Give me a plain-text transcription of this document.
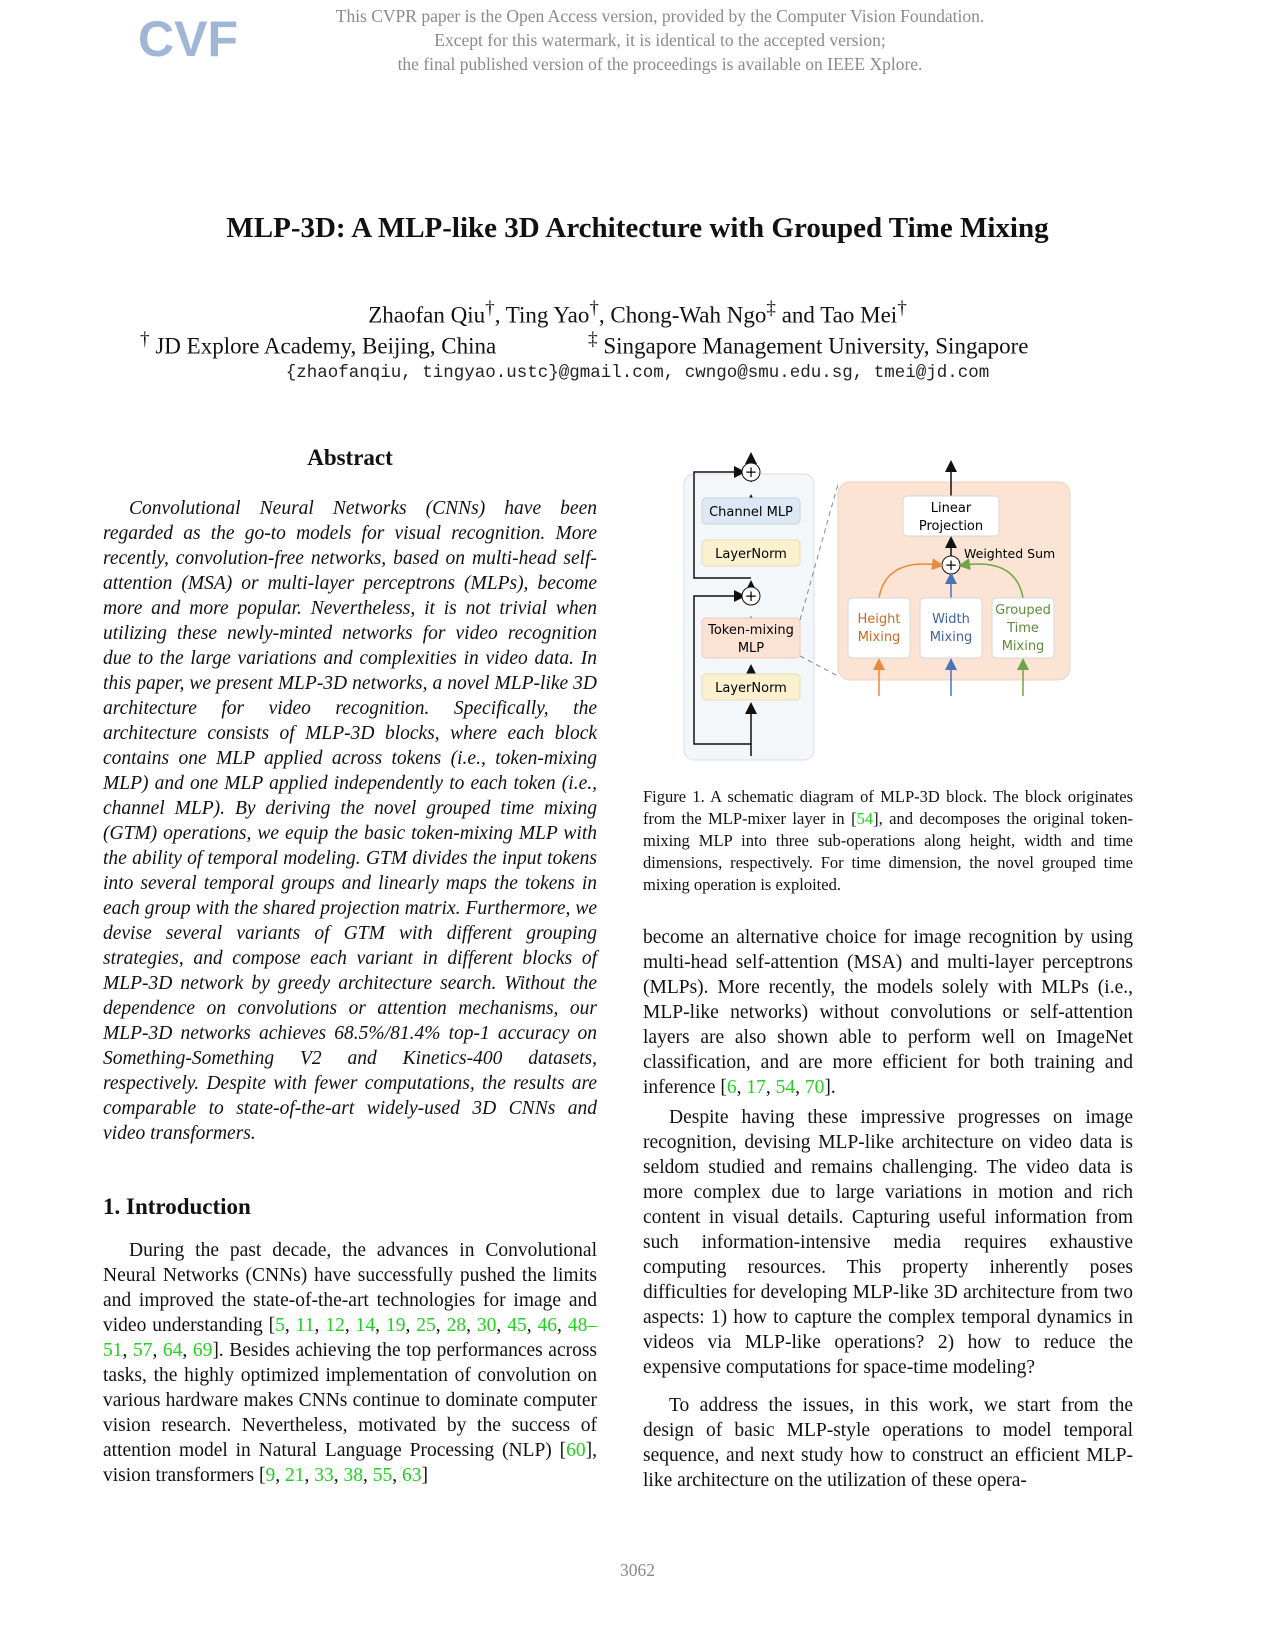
CVF	This CVPR paper is the Open Access version, provided by the Computer Vision Foundation.
Except for this watermark, it is identical to the accepted version;
the final published version of the proceedings is available on IEEE Xplore.
MLP-3D: A MLP-like 3D Architecture with Grouped Time Mixing
Zhaofan Qiu†, Ting Yao†, Chong-Wah Ngo‡ and Tao Mei†
† JD Explore Academy, Beijing, China	‡ Singapore Management University, Singapore
{zhaofanqiu, tingyao.ustc}@gmail.com, cwngo@smu.edu.sg, tmei@jd.com
Abstract
Convolutional Neural Networks (CNNs) have been regarded as the go-to models for visual recognition. More recently, convolution-free networks, based on multi-head self-attention (MSA) or multi-layer perceptrons (MLPs), become more and more popular. Nevertheless, it is not trivial when utilizing these newly-minted networks for video recognition due to the large variations and complexities in video data. In this paper, we present MLP-3D networks, a novel MLP-like 3D architecture for video recognition. Specifically, the architecture consists of MLP-3D blocks, where each block contains one MLP applied across tokens (i.e., token-mixing MLP) and one MLP applied independently to each token (i.e., channel MLP). By deriving the novel grouped time mixing (GTM) operations, we equip the basic token-mixing MLP with the ability of temporal modeling. GTM divides the input tokens into several temporal groups and linearly maps the tokens in each group with the shared projection matrix. Furthermore, we devise several variants of GTM with different grouping strategies, and compose each variant in different blocks of MLP-3D network by greedy architecture search. Without the dependence on convolutions or attention mechanisms, our MLP-3D networks achieves 68.5%/81.4% top-1 accuracy on Something-Something V2 and Kinetics-400 datasets, respectively. Despite with fewer computations, the results are comparable to state-of-the-art widely-used 3D CNNs and video transformers.
1. Introduction
During the past decade, the advances in Convolutional Neural Networks (CNNs) have successfully pushed the limits and improved the state-of-the-art technologies for image and video understanding [5, 11, 12, 14, 19, 25, 28, 30, 45, 46, 48–51, 57, 64, 69]. Besides achieving the top performances across tasks, the highly optimized implementation of convolution on various hardware makes CNNs continue to dominate computer vision research. Nevertheless, motivated by the success of attention model in Natural Language Processing (NLP) [60], vision transformers [9, 21, 33, 38, 55, 63]
+
+
Channel MLP
LayerNorm
Token-mixing
MLP
LayerNorm
Linear
Projection
+
Weighted Sum
Height
Mixing
Width
Mixing
Grouped
Time
Mixing
Figure 1. A schematic diagram of MLP-3D block. The block originates from the MLP-mixer layer in [54], and decomposes the original token-mixing MLP into three sub-operations along height, width and time dimensions, respectively. For time dimension, the novel grouped time mixing operation is exploited.
become an alternative choice for image recognition by using multi-head self-attention (MSA) and multi-layer perceptrons (MLPs). More recently, the models solely with MLPs (i.e., MLP-like networks) without convolutions or self-attention layers are also shown able to perform well on ImageNet classification, and are more efficient for both training and inference [6, 17, 54, 70].
Despite having these impressive progresses on image recognition, devising MLP-like architecture on video data is seldom studied and remains challenging. The video data is more complex due to large variations in motion and rich content in visual details. Capturing useful information from such information-intensive media requires exhaustive computing resources. This property inherently poses difficulties for developing MLP-like 3D architecture from two aspects: 1) how to capture the complex temporal dynamics in videos via MLP-like operations? 2) how to reduce the expensive computations for space-time modeling?
To address the issues, in this work, we start from the design of basic MLP-style operations to model temporal sequence, and next study how to construct an efficient MLP-like architecture on the utilization of these opera-
3062
